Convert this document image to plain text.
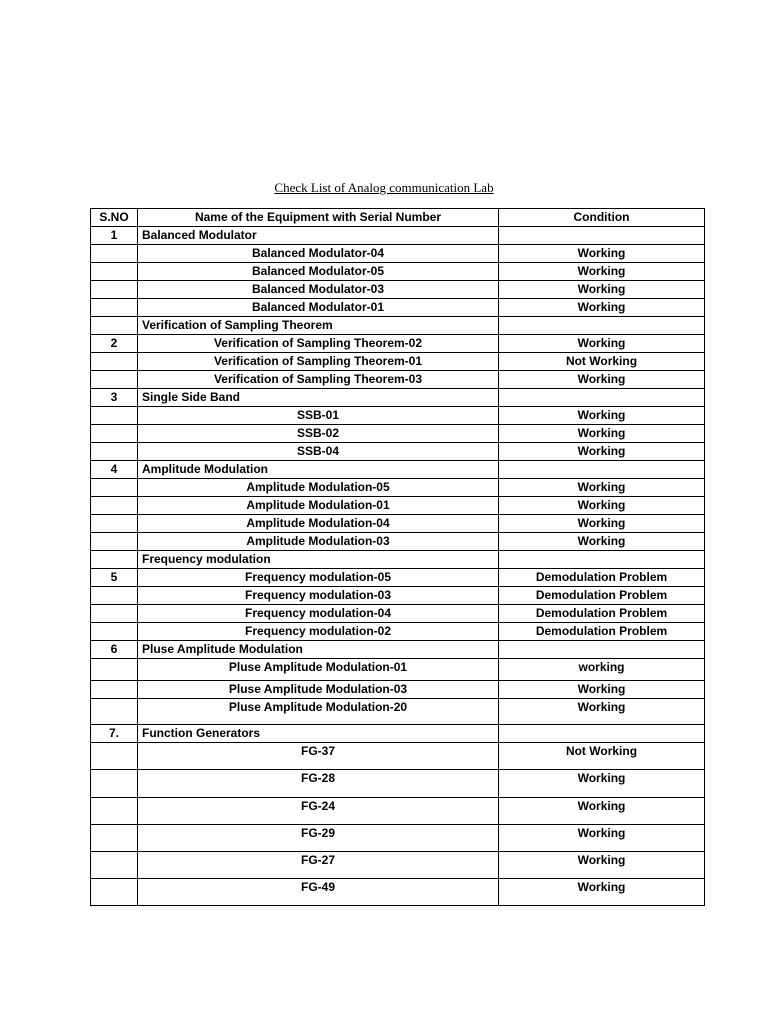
Check List of Analog communication Lab
S.NO	Name of the Equipment with Serial Number	Condition
1	Balanced Modulator	
	Balanced Modulator-04	Working
	Balanced Modulator-05	Working
	Balanced Modulator-03	Working
	Balanced Modulator-01	Working
	Verification of Sampling Theorem	
2	Verification of Sampling Theorem-02	Working
	Verification of Sampling Theorem-01	Not Working
	Verification of Sampling Theorem-03	Working
3	Single Side Band	
	SSB-01	Working
	SSB-02	Working
	SSB-04	Working
4	Amplitude Modulation	
	Amplitude Modulation-05	Working
	Amplitude Modulation-01	Working
	Amplitude Modulation-04	Working
	Amplitude Modulation-03	Working
	Frequency modulation	
5	Frequency modulation-05	Demodulation Problem
	Frequency modulation-03	Demodulation Problem
	Frequency modulation-04	Demodulation Problem
	Frequency modulation-02	Demodulation Problem
6	Pluse Amplitude Modulation	
	Pluse Amplitude Modulation-01	working
	Pluse Amplitude Modulation-03	Working
	Pluse Amplitude Modulation-20	Working
7.	Function Generators	
	FG-37	Not Working
	FG-28	Working
	FG-24	Working
	FG-29	Working
	FG-27	Working
	FG-49	Working
